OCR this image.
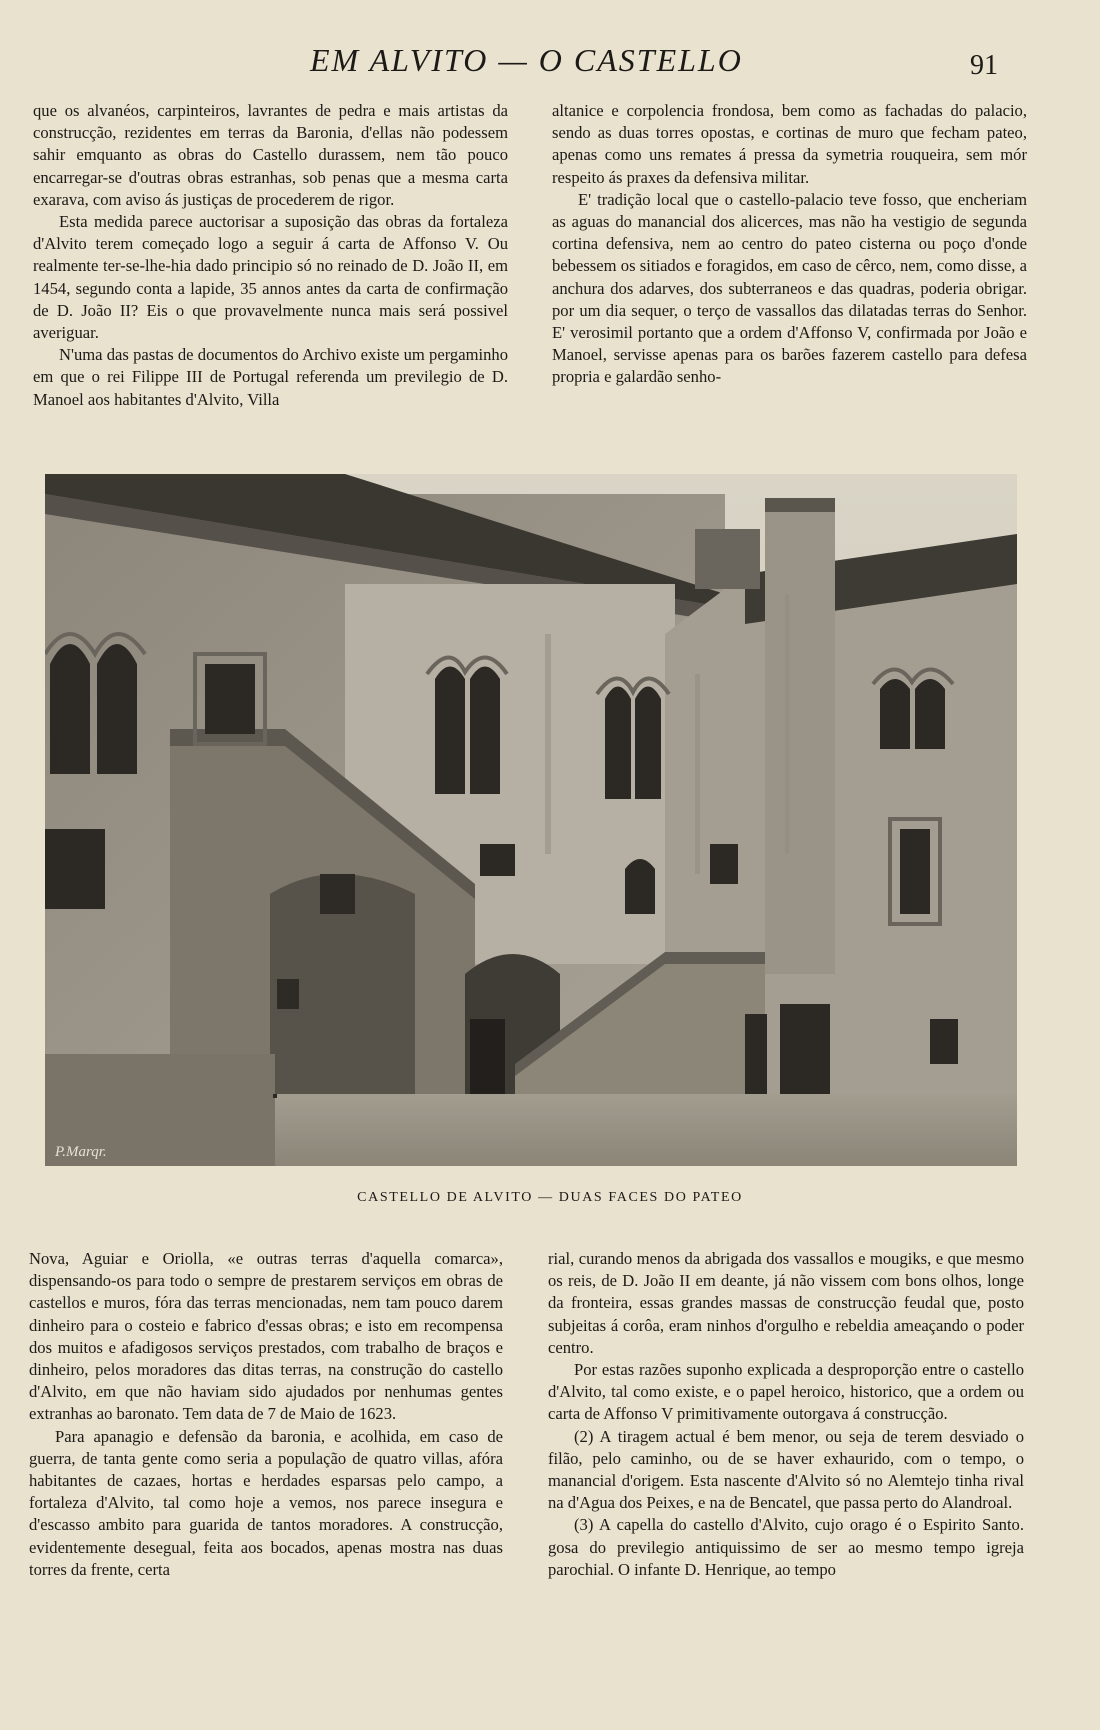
EM ALVITO — O CASTELLO	91

que os alvanéos, carpinteiros, lavrantes de pedra e mais artistas da construcção, rezidentes em terras da Baronia, d'ellas não podessem sahir emquanto as obras do Castello durassem, nem tão pouco encarregar-se d'outras obras estranhas, sob penas que a mesma carta exarava, com aviso ás justiças de procederem de rigor.

Esta medida parece auctorisar a suposição das obras da fortaleza d'Alvito terem começado logo a seguir á carta de Affonso V. Ou realmente ter-se-lhe-hia dado principio só no reinado de D. João II, em 1454, segundo conta a lapide, 35 annos antes da carta de confirmação de D. João II? Eis o que provavelmente nunca mais será possivel averiguar.

N'uma das pastas de documentos do Archivo existe um pergaminho em que o rei Filippe III de Portugal referenda um previlegio de D. Manoel aos habitantes d'Alvito, Villa

altanice e corpolencia frondosa, bem como as fachadas do palacio, sendo as duas torres opostas, e cortinas de muro que fecham pateo, apenas como uns remates á pressa da symetria rouqueira, sem mór respeito ás praxes da defensiva militar.

E' tradição local que o castello-palacio teve fosso, que encheriam as aguas do manancial dos alicerces, mas não ha vestigio de segunda cortina defensiva, nem ao centro do pateo cisterna ou poço d'onde bebessem os sitiados e foragidos, em caso de cêrco, nem, como disse, a anchura dos adarves, dos subterraneos e das quadras, poderia obrigar. por um dia sequer, o terço de vassallos das dilatadas terras do Senhor. E' verosimil portanto que a ordem d'Affonso V, confirmada por João e Manoel, servisse apenas para os barões fazerem castello para defesa propria e galardão senho-

P.Marqr.
CASTELLO DE ALVITO — DUAS FACES DO PATEO

Nova, Aguiar e Oriolla, «e outras terras d'aquella comarca», dispensando-os para todo o sempre de prestarem serviços em obras de castellos e muros, fóra das terras mencionadas, nem tam pouco darem dinheiro para o costeio e fabrico d'essas obras; e isto em recompensa dos muitos e afadigosos serviços prestados, com trabalho de braços e dinheiro, pelos moradores das ditas terras, na construção do castello d'Alvito, em que não haviam sido ajudados por nenhumas gentes extranhas ao baronato. Tem data de 7 de Maio de 1623.

Para apanagio e defensão da baronia, e acolhida, em caso de guerra, de tanta gente como seria a população de quatro villas, afóra habitantes de cazaes, hortas e herdades esparsas pelo campo, a fortaleza d'Alvito, tal como hoje a vemos, nos parece insegura e d'escasso ambito para guarida de tantos moradores. A construcção, evidentemente desegual, feita aos bocados, apenas mostra nas duas torres da frente, certa

rial, curando menos da abrigada dos vassallos e mougiks, e que mesmo os reis, de D. João II em deante, já não vissem com bons olhos, longe da fronteira, essas grandes massas de construcção feudal que, posto subjeitas á corôa, eram ninhos d'orgulho e rebeldia ameaçando o poder centro.

Por estas razões suponho explicada a desproporção entre o castello d'Alvito, tal como existe, e o papel heroico, historico, que a ordem ou carta de Affonso V primitivamente outorgava á construcção.

(2) A tiragem actual é bem menor, ou seja de terem desviado o filão, pelo caminho, ou de se haver exhaurido, com o tempo, o manancial d'origem. Esta nascente d'Alvito só no Alemtejo tinha rival na d'Agua dos Peixes, e na de Bencatel, que passa perto do Alandroal.

(3) A capella do castello d'Alvito, cujo orago é o Espirito Santo. gosa do previlegio antiquissimo de ser ao mesmo tempo igreja parochial. O infante D. Henrique, ao tempo
